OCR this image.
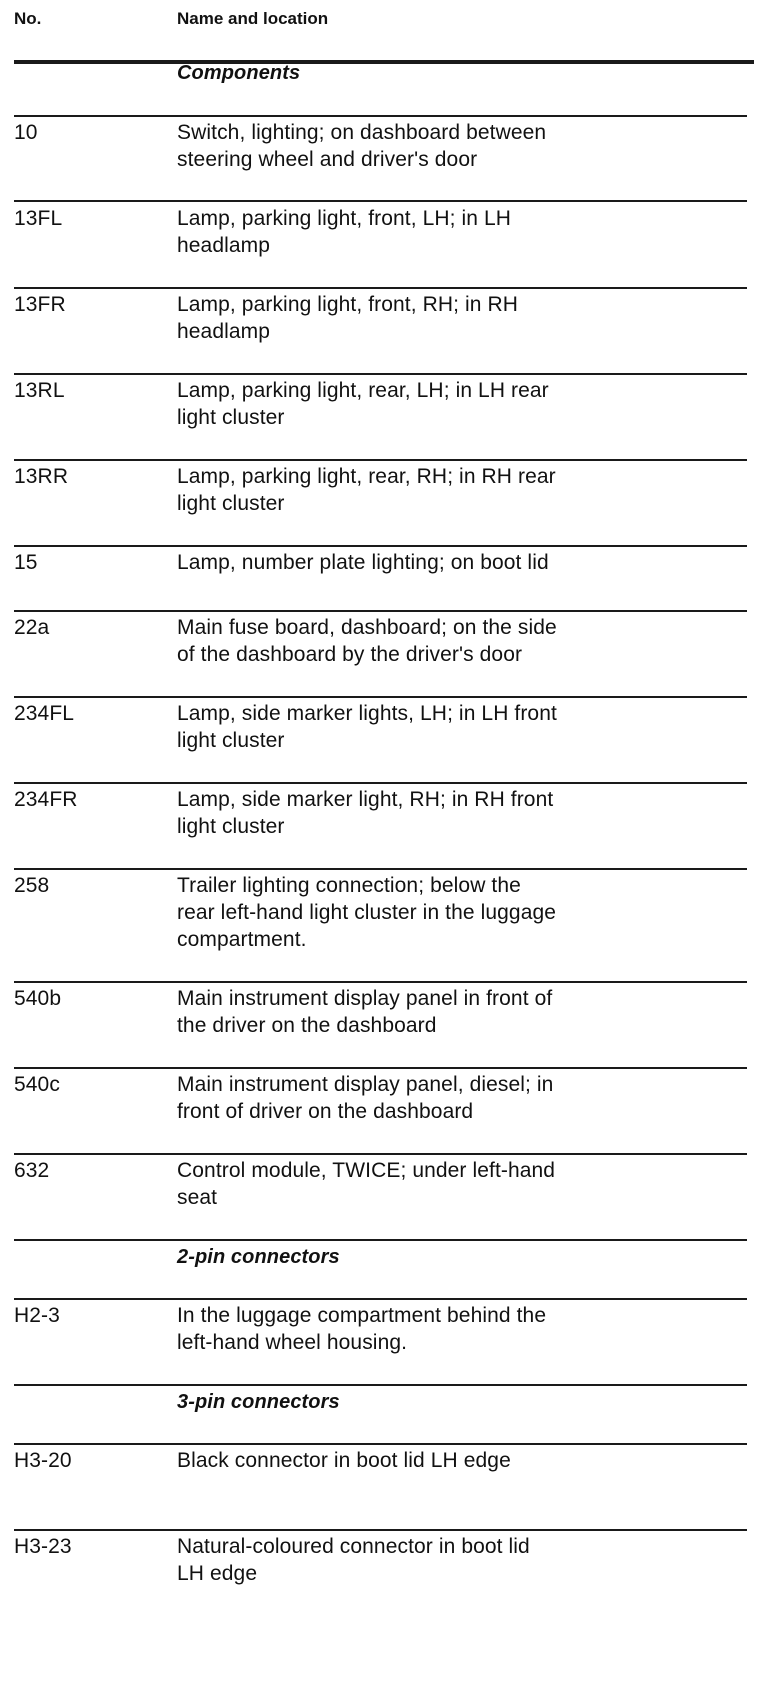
No.	Name and location
Components
10	Switch, lighting; on dashboard between
steering wheel and driver's door
13FL	Lamp, parking light, front, LH; in LH
headlamp
13FR	Lamp, parking light, front, RH; in RH
headlamp
13RL	Lamp, parking light, rear, LH; in LH rear
light cluster
13RR	Lamp, parking light, rear, RH; in RH rear
light cluster
15	Lamp, number plate lighting; on boot lid
22a	Main fuse board, dashboard; on the side
of the dashboard by the driver's door
234FL	Lamp, side marker lights, LH; in LH front
light cluster
234FR	Lamp, side marker light, RH; in RH front
light cluster
258	Trailer lighting connection; below the
rear left-hand light cluster in the luggage
compartment.
540b	Main instrument display panel in front of
the driver on the dashboard
540c	Main instrument display panel, diesel; in
front of driver on the dashboard
632	Control module, TWICE; under left-hand
seat
2-pin connectors
H2-3	In the luggage compartment behind the
left-hand wheel housing.
3-pin connectors
H3-20	Black connector in boot lid LH edge
H3-23	Natural-coloured connector in boot lid
LH edge
